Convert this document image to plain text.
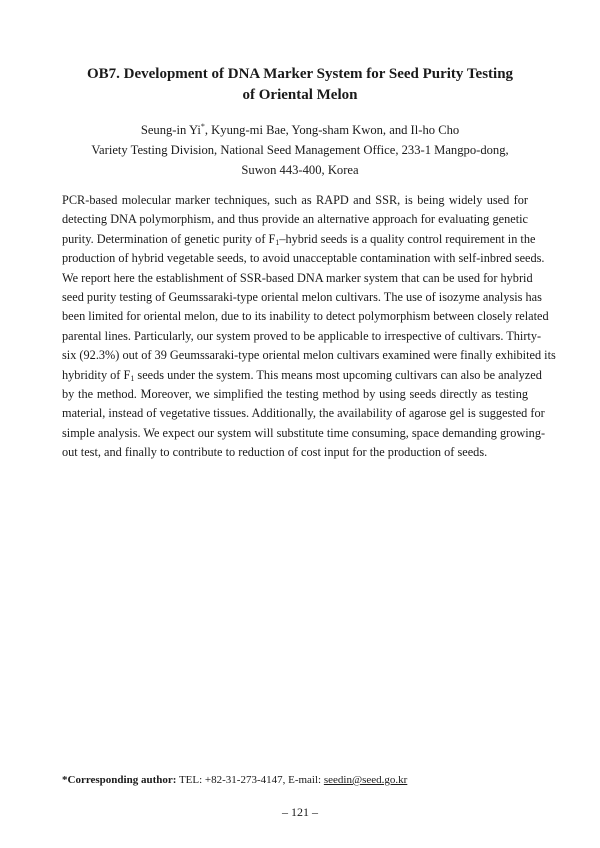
OB7. Development of DNA Marker System for Seed Purity Testing
of Oriental Melon
Seung-in Yi*, Kyung-mi Bae, Yong-sham Kwon, and Il-ho Cho
Variety Testing Division, National Seed Management Office, 233-1 Mangpo-dong,
Suwon 443-400, Korea
PCR-based molecular marker techniques, such as RAPD and SSR, is being widely used for
detecting DNA polymorphism, and thus provide an alternative approach for evaluating genetic
purity. Determination of genetic purity of $F_1$–hybrid seeds is a quality control requirement in the
production of hybrid vegetable seeds, to avoid unacceptable contamination with self-inbred seeds.
We report here the establishment of SSR-based DNA marker system that can be used for hybrid
seed purity testing of Geumssaraki-type oriental melon cultivars. The use of isozyme analysis has
been limited for oriental melon, due to its inability to detect polymorphism between closely related
parental lines. Particularly, our system proved to be applicable to irrespective of cultivars. Thirty-
six (92.3%) out of 39 Geumssaraki-type oriental melon cultivars examined were finally exhibited its
hybridity of $F_1$ seeds under the system. This means most upcoming cultivars can also be analyzed
by the method. Moreover, we simplified the testing method by using seeds directly as testing
material, instead of vegetative tissues. Additionally, the availability of agarose gel is suggested for
simple analysis. We expect our system will substitute time consuming, space demanding growing-
out test, and finally to contribute to reduction of cost input for the production of seeds.
*Corresponding author: TEL: +82-31-273-4147, E-mail: seedin@seed.go.kr
– 121 –
